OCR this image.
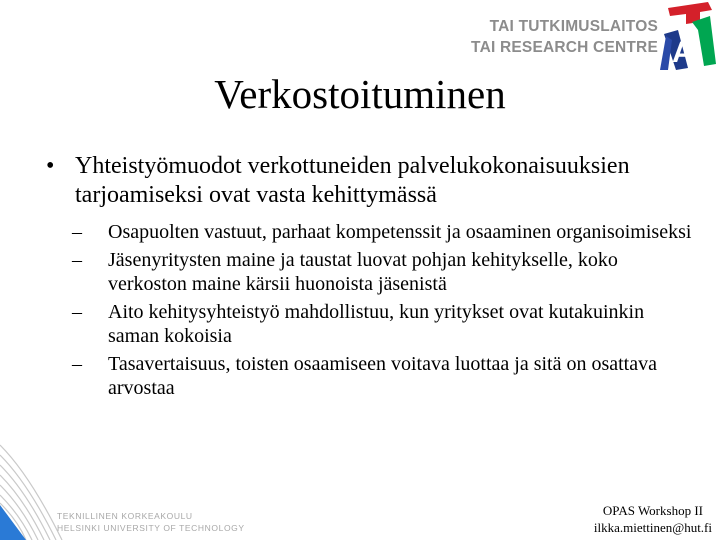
TAI TUTKIMUSLAITOS
TAI RESEARCH CENTRE A
Verkostoituminen
• Yhteistyömuodot verkottuneiden palvelukokonaisuuksien tarjoamiseksi ovat vasta kehittymässä
– Osapuolten vastuut, parhaat kompetenssit ja osaaminen organisoimiseksi
– Jäsenyritysten maine ja taustat luovat pohjan kehitykselle, koko verkoston maine kärsii huonoista jäsenistä
– Aito kehitysyhteistyö mahdollistuu, kun yritykset ovat kutakuinkin saman kokoisia
– Tasavertaisuus, toisten osaamiseen voitava luottaa ja sitä on osattava arvostaa
TEKNILLINEN KORKEAKOULU
HELSINKI UNIVERSITY OF TECHNOLOGY
OPAS Workshop II
ilkka.miettinen@hut.fi
